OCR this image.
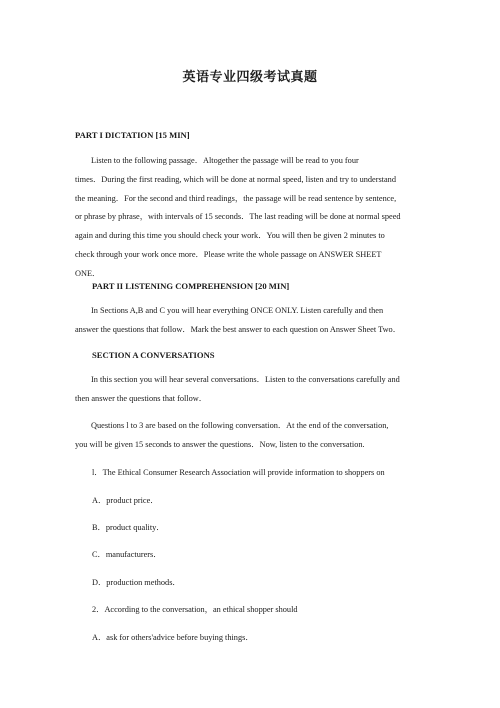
英语专业四级考试真题
PART I DICTATION [15 MIN]
Listen to the following passage．Altogether the passage will be read to you four
times．During the first reading, which will be done at normal speed, listen and try to understand
the meaning．For the second and third readings，the passage will be read sentence by sentence,
or phrase by phrase，with intervals of 15 seconds．The last reading will be done at normal speed
again and during this time you should check your work．You will then be given 2 minutes to
check through your work once more．Please write the whole passage on ANSWER SHEET
ONE．
PART II LISTENING COMPREHENSION [20 MIN]
In Sections A,B and C you will hear everything ONCE ONLY. Listen carefully and then
answer the questions that follow．Mark the best answer to each question on Answer Sheet Two．
SECTION A CONVERSATIONS
In this section you will hear several conversations．Listen to the conversations carefully and
then answer the questions that follow．
Questions l to 3 are based on the following conversation．At the end of the conversation,
you will be given 15 seconds to answer the questions．Now, listen to the conversation.
l．The Ethical Consumer Research Association will provide information to shoppers on
A．product price．
B．product quality．
C．manufacturers．
D．production methods．
2．According to the conversation，an ethical shopper should
A．ask for others'advice before buying things．
